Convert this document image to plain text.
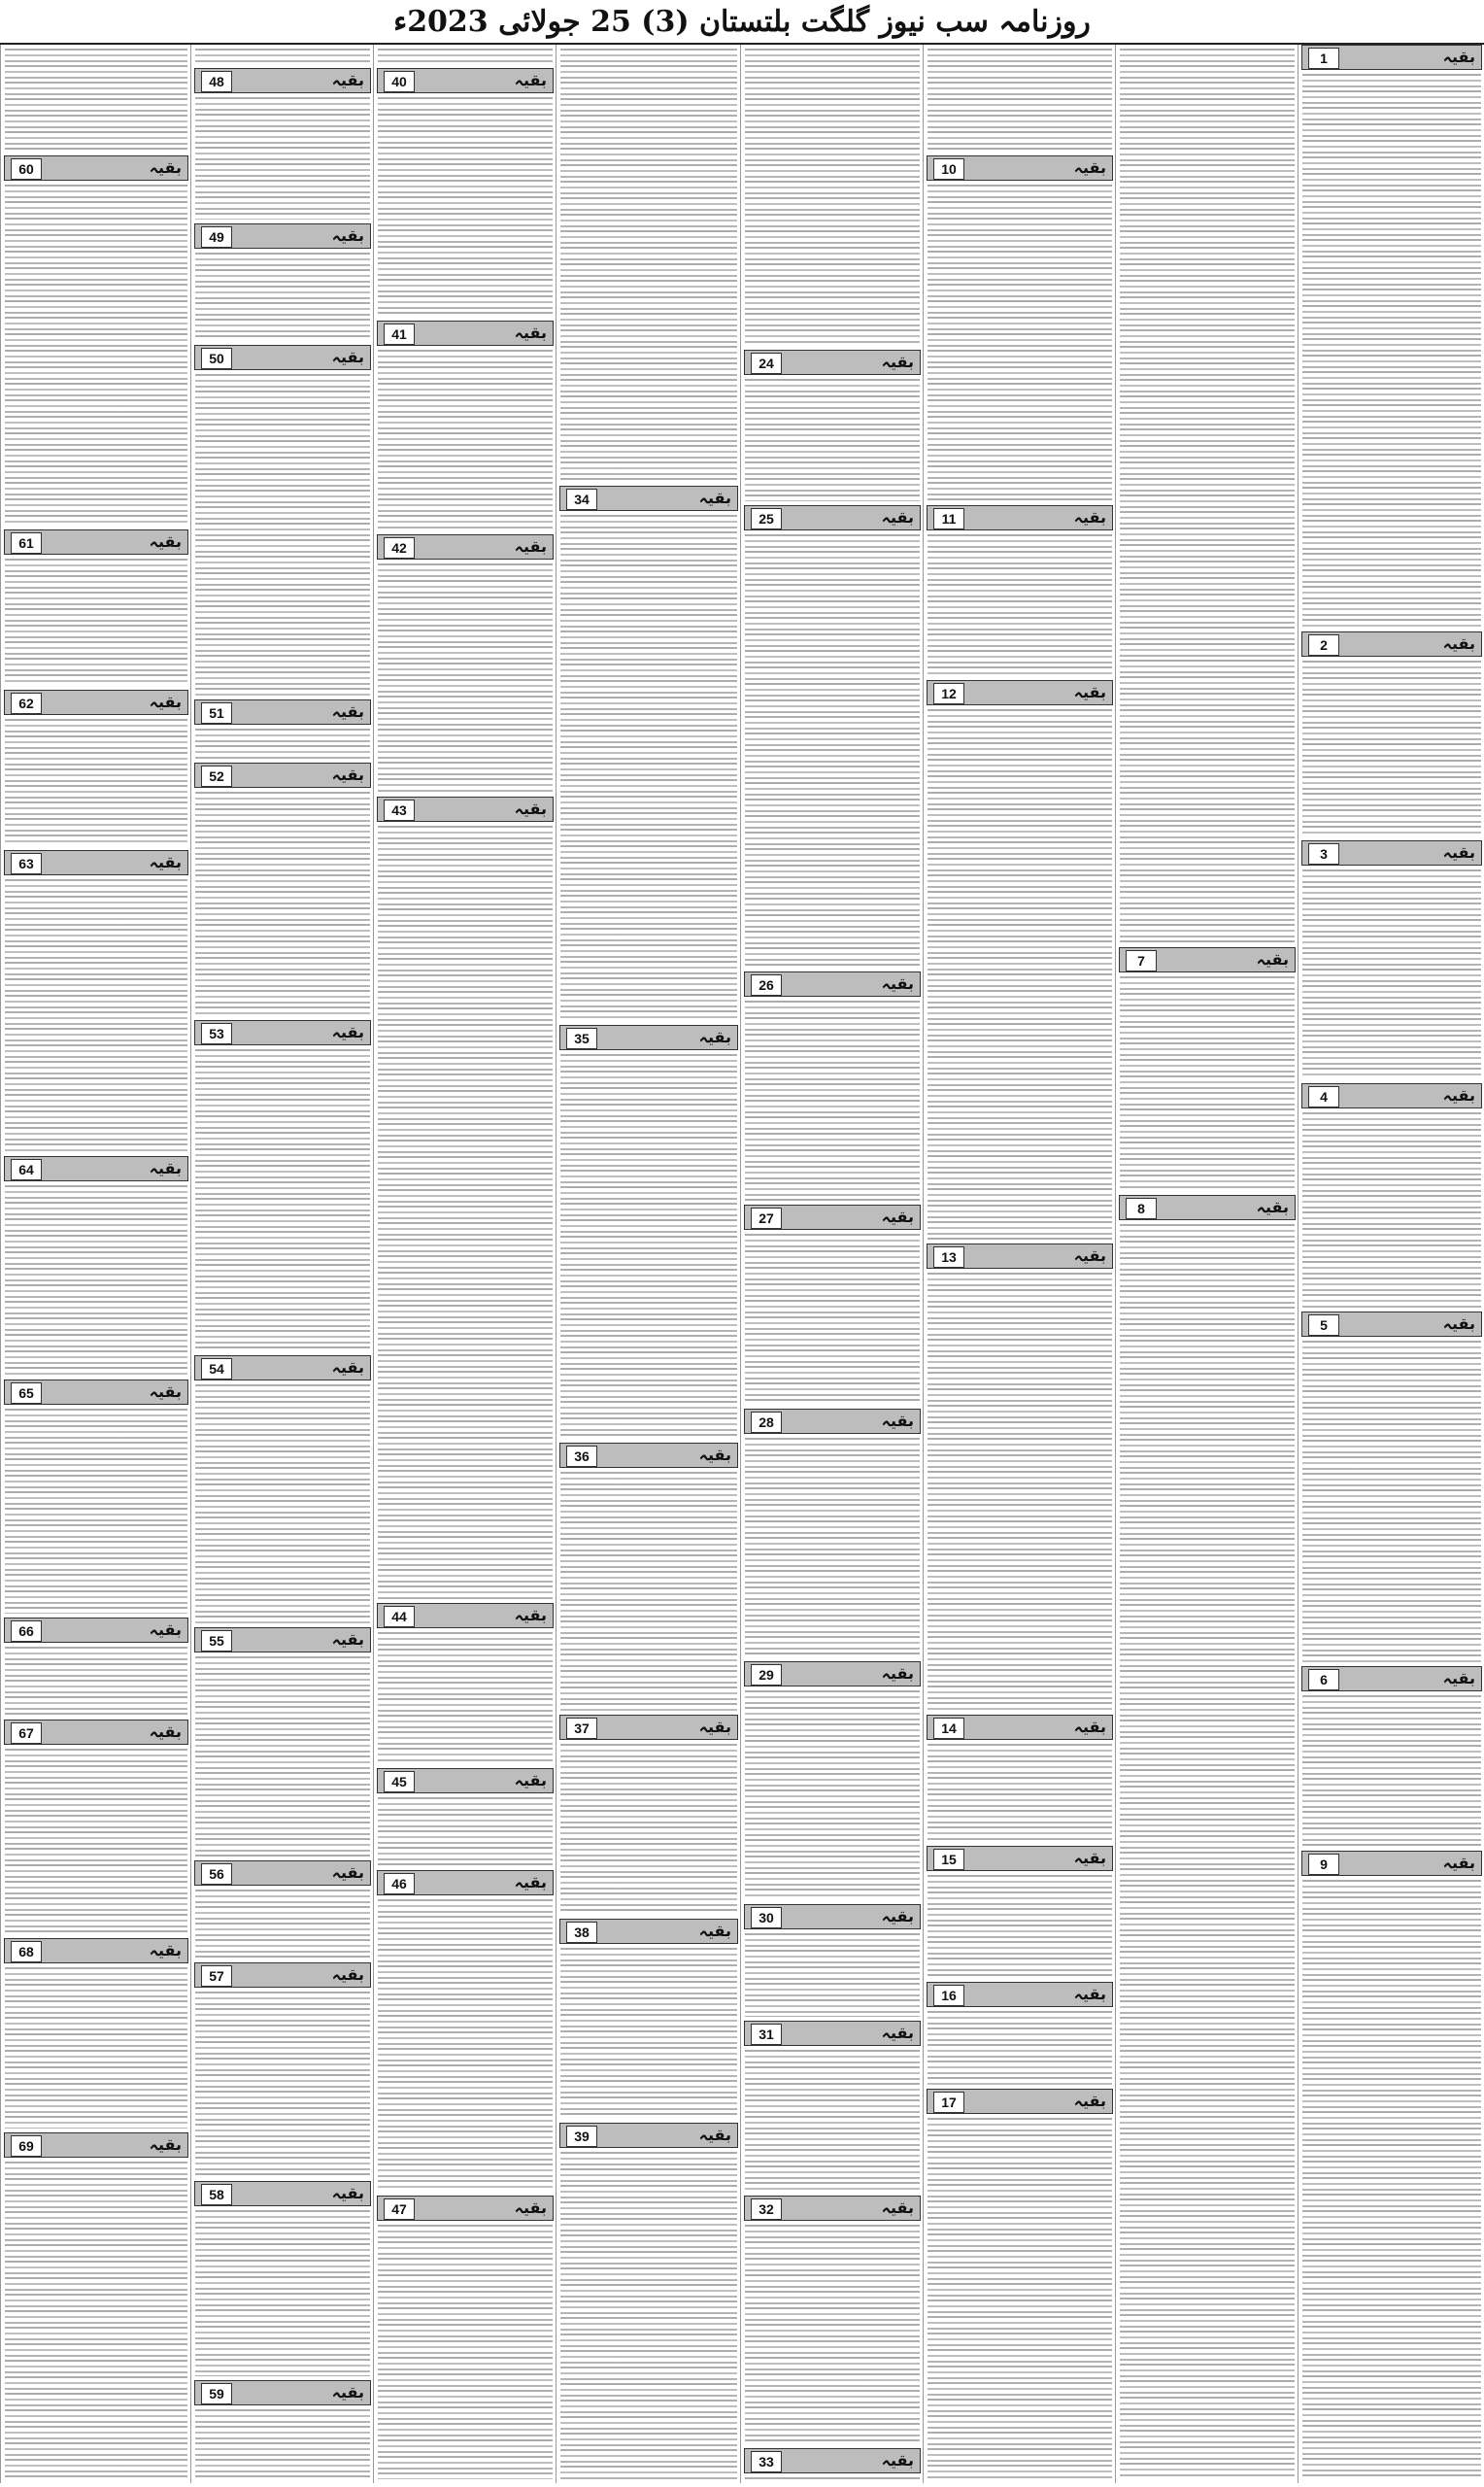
روزنامہ سب نیوز گلگت بلتستان (3) 25 جولائی 2023ء
1	بقیہ
2	بقیہ
3	بقیہ
4	بقیہ
5	بقیہ
6	بقیہ
9	بقیہ
7	بقیہ
8	بقیہ
10	بقیہ
11	بقیہ
12	بقیہ
13	بقیہ
14	بقیہ
15	بقیہ
16	بقیہ
17	بقیہ
24	بقیہ
25	بقیہ
26	بقیہ
27	بقیہ
28	بقیہ
29	بقیہ
30	بقیہ
31	بقیہ
32	بقیہ
33	بقیہ
34	بقیہ
35	بقیہ
36	بقیہ
37	بقیہ
38	بقیہ
39	بقیہ
40	بقیہ
41	بقیہ
42	بقیہ
43	بقیہ
44	بقیہ
45	بقیہ
46	بقیہ
47	بقیہ
48	بقیہ
49	بقیہ
50	بقیہ
51	بقیہ
52	بقیہ
53	بقیہ
54	بقیہ
55	بقیہ
56	بقیہ
57	بقیہ
58	بقیہ
59	بقیہ
60	بقیہ
61	بقیہ
62	بقیہ
63	بقیہ
64	بقیہ
65	بقیہ
66	بقیہ
67	بقیہ
68	بقیہ
69	بقیہ
